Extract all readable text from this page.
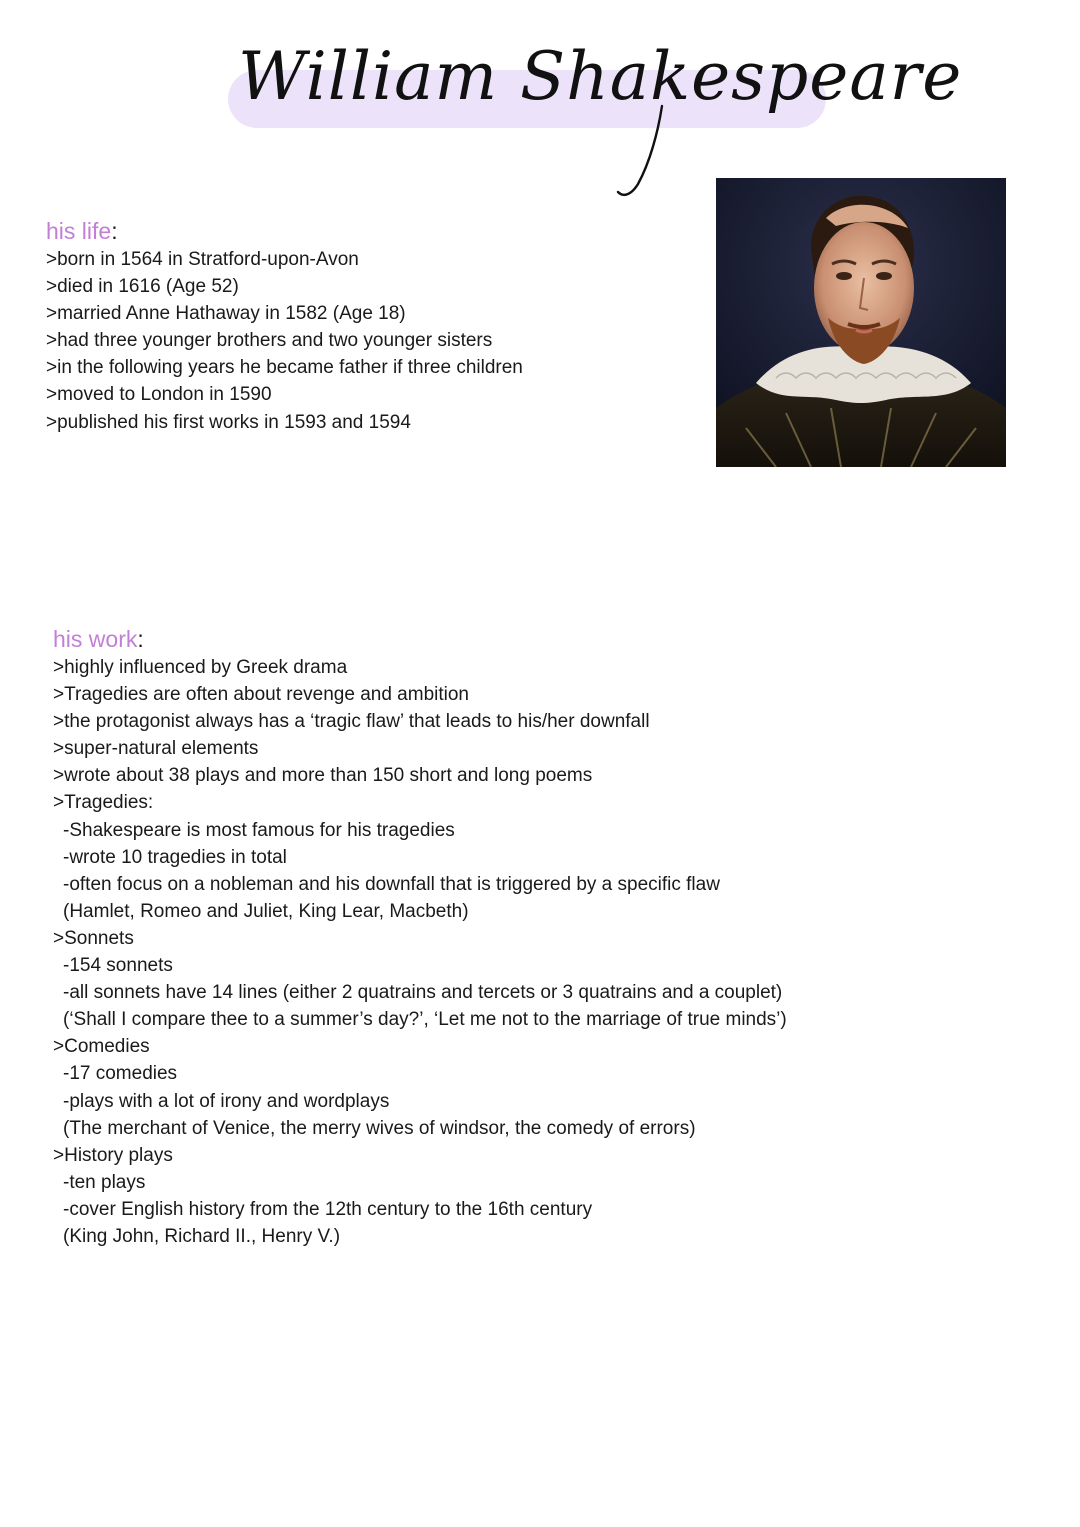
William Shakespeare
his life:
>born in 1564 in Stratford-upon-Avon
>died in 1616 (Age 52)
>married Anne Hathaway in 1582 (Age 18)
>had three younger brothers and two younger sisters
>in the following years he became father if three children
>moved to London in 1590
>published his first works in 1593 and 1594
his work:
>highly influenced by Greek drama
>Tragedies are often about revenge and ambition
>the protagonist always has a ‘tragic flaw’ that leads to his/her downfall
>super-natural elements
>wrote about 38 plays and more than 150 short and long poems
>Tragedies:
-Shakespeare is most famous for his tragedies
-wrote 10 tragedies in total
-often focus on a nobleman and his downfall that is triggered by a specific flaw
(Hamlet, Romeo and Juliet, King Lear, Macbeth)
>Sonnets
-154 sonnets
-all sonnets have 14 lines (either 2 quatrains and tercets or 3 quatrains and a couplet)
(‘Shall I compare thee to a summer’s day?’, ‘Let me not to the marriage of true minds’)
>Comedies
-17 comedies
-plays with a lot of irony and wordplays
(The merchant of Venice, the merry wives of windsor, the comedy of errors)
>History plays
-ten plays
-cover English history from the 12th century to the 16th century
(King John, Richard II., Henry V.)
